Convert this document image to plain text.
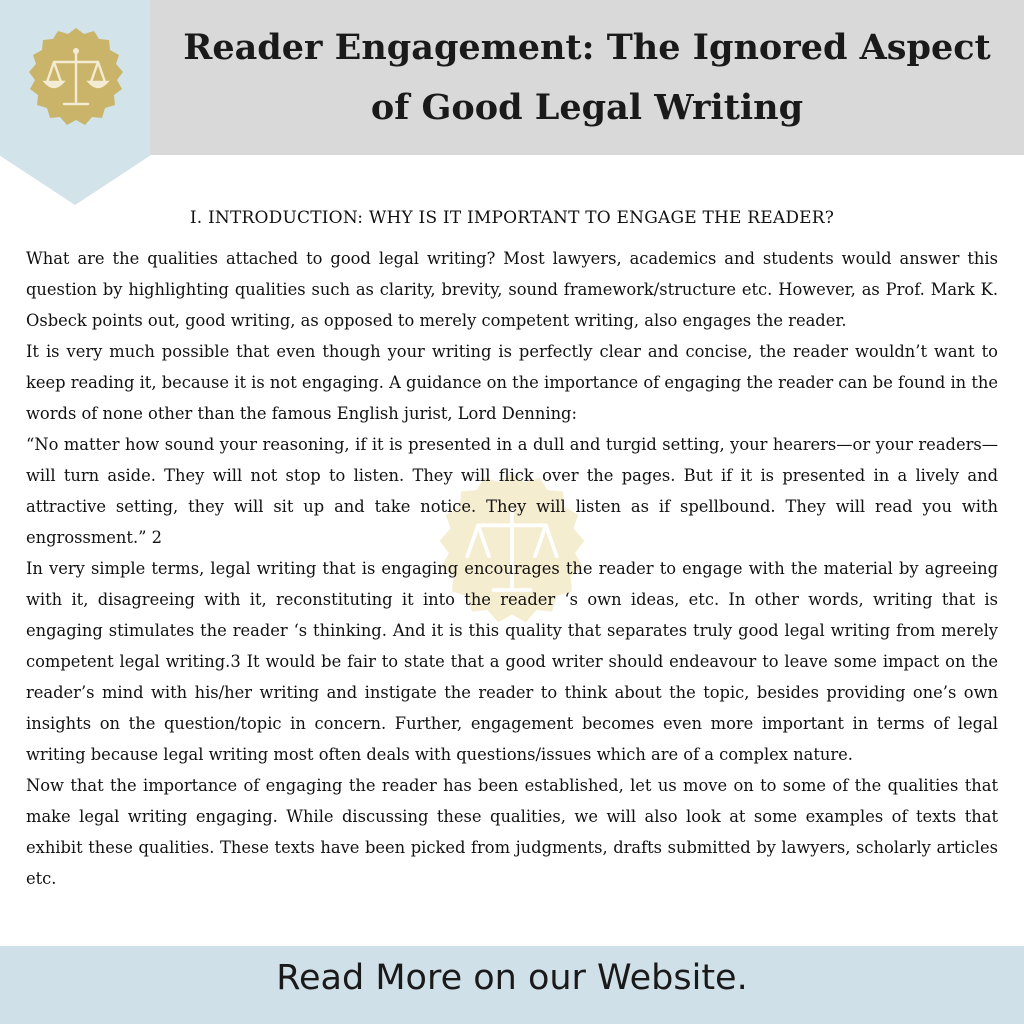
Reader Engagement: The Ignored Aspect
of Good Legal Writing
I. INTRODUCTION: WHY IS IT IMPORTANT TO ENGAGE THE READER?

What are the qualities attached to good legal writing? Most lawyers, academics and students would answer this question by highlighting qualities such as clarity, brevity, sound framework/structure etc. However, as Prof. Mark K. Osbeck points out, good writing, as opposed to merely competent writing, also engages the reader.

It is very much possible that even though your writing is perfectly clear and concise, the reader wouldn’t want to keep reading it, because it is not engaging. A guidance on the importance of engaging the reader can be found in the words of none other than the famous English jurist, Lord Denning:

“No matter how sound your reasoning, if it is presented in a dull and turgid setting, your hearers—or your readers—will turn aside. They will not stop to listen. They will flick over the pages. But if it is presented in a lively and attractive setting, they will sit up and take notice. They will listen as if spellbound. They will read you with engrossment.” 2

In very simple terms, legal writing that is engaging encourages the reader to engage with the material by agreeing with it, disagreeing with it, reconstituting it into the reader ‘s own ideas, etc. In other words, writing that is engaging stimulates the reader ‘s thinking. And it is this quality that separates truly good legal writing from merely competent legal writing.3 It would be fair to state that a good writer should endeavour to leave some impact on the reader’s mind with his/her writing and instigate the reader to think about the topic, besides providing one’s own insights on the question/topic in concern. Further, engagement becomes even more important in terms of legal writing because legal writing most often deals with questions/issues which are of a complex nature.

Now that the importance of engaging the reader has been established, let us move on to some of the qualities that make legal writing engaging. While discussing these qualities, we will also look at some examples of texts that exhibit these qualities. These texts have been picked from judgments, drafts submitted by lawyers, scholarly articles etc.

Read More on our Website.
